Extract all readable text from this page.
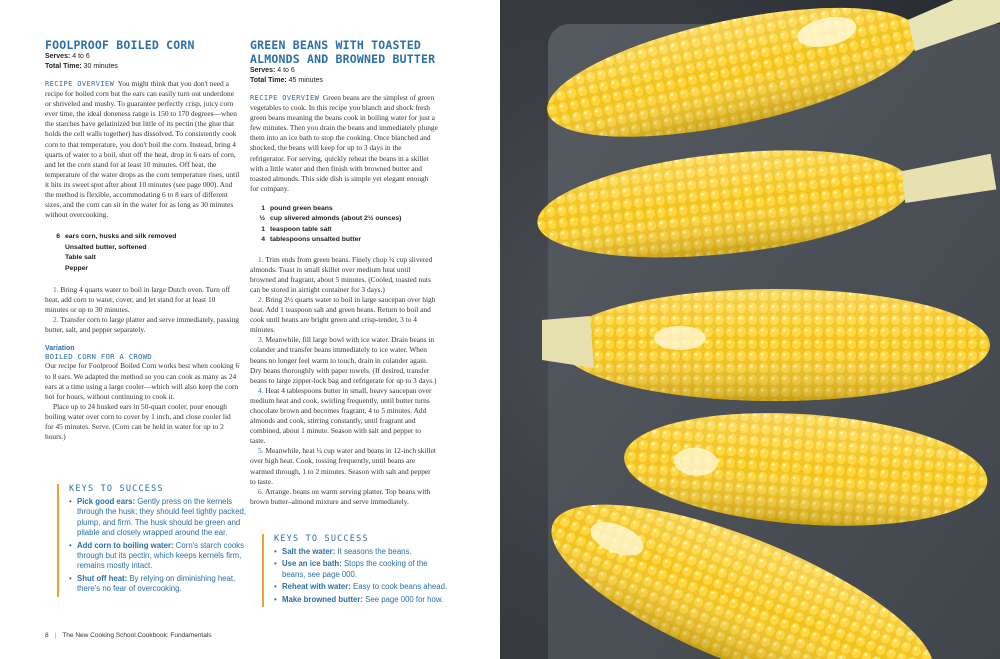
FOOLPROOF BOILED CORN
Serves: 4 to 6
Total Time: 30 minutes

RECIPE OVERVIEW You might think that you don't need a recipe for boiled corn but the ears can easily turn out underdone or shriveled and mushy. To guarantee perfectly crisp, juicy corn ever time, the ideal doneness range is 150 to 170 degrees—when the starches have gelatinized but little of its pectin (the glue that holds the cell walls together) has dissolved. To consistently cook corn to that temperature, you don't boil the corn. Instead, bring 4 quarts of water to a boil, shut off the heat, drop in 6 ears of corn, and let the corn stand for at least 10 minutes. Off heat, the temperature of the water drops as the corn temperature rises, until it hits its sweet spot after about 10 minutes (see page 000). And the method is flexible, accommodating 6 to 8 ears of different sizes, and the corn can sit in the water for as long as 30 minutes without overcooking.

6 ears corn, husks and silk removed
Unsalted butter, softened
Table salt
Pepper

1. Bring 4 quarts water to boil in large Dutch oven. Turn off heat, add corn to water, cover, and let stand for at least 10 minutes or up to 30 minutes.

2. Transfer corn to large platter and serve immediately, passing butter, salt, and pepper separately.

Variation
BOILED CORN FOR A CROWD

Our recipe for Foolproof Boiled Corn works best when cooking 6 to 8 ears. We adapted the method so you can cook as many as 24 ears at a time using a large cooler—which will also keep the corn hot for hours, without continuing to cook it.

Place up to 24 husked ears in 50-quart cooler, pour enough boiling water over corn to cover by 1 inch, and close cooler lid for 45 minutes. Serve. (Corn can be held in water for up to 2 hours.)

KEYS TO SUCCESS
• Pick good ears: Gently press on the kernels through the husk; they should feel tightly packed, plump, and firm. The husk should be green and pliable and closely wrapped around the ear.
• Add corn to boiling water: Corn's starch cooks through but its pectin, which keeps kernels firm, remains mostly intact.
• Shut off heat: By relying on diminishing heat, there's no fear of overcooking.
GREEN BEANS WITH TOASTED ALMONDS AND BROWNED BUTTER
Serves: 4 to 6
Total Time: 45 minutes

RECIPE OVERVIEW Green beans are the simplest of green vegetables to cook. In this recipe you blanch and shock fresh green beans meaning the beans cook in boiling water for just a few minutes. Then you drain the beans and immediately plunge them into an ice bath to stop the cooking. Once blanched and shocked, the beans will keep for up to 3 days in the refrigerator. For serving, quickly reheat the beans in a skillet with a little water and then finish with browned butter and toasted almonds. This side dish is simple yet elegant enough for company.

1 pound green beans
½ cup slivered almonds (about 2½ ounces)
1 teaspoon table salt
4 tablespoons unsalted butter

1. Trim ends from green beans. Finely chop ¼ cup slivered almonds. Toast in small skillet over medium heat until browned and fragrant, about 5 minutes. (Cooled, toasted nuts can be stored in airtight container for 3 days.)

2. Bring 2½ quarts water to boil in large saucepan over high heat. Add 1 teaspoon salt and green beans. Return to boil and cook until beans are bright green and crisp-tender, 3 to 4 minutes.

3. Meanwhile, fill large bowl with ice water. Drain beans in colander and transfer beans immediately to ice water. When beans no longer feel warm to touch, drain in colander again. Dry beans thoroughly with paper towels. (If desired, transfer beans to large zipper-lock bag and refrigerate for up to 3 days.)

4. Heat 4 tablespoons butter in small, heavy saucepan over medium heat and cook, swirling frequently, until butter turns chocolate brown and becomes fragrant, 4 to 5 minutes. Add almonds and cook, stirring constantly, until fragrant and combined, about 1 minute. Season with salt and pepper to taste.

5. Meanwhile, heat ¼ cup water and beans in 12-inch skillet over high heat. Cook, tossing frequently, until beans are warmed through, 1 to 2 minutes. Season with salt and pepper to taste.

6. Arrange. beans on warm serving platter. Top beans with brown butter–almond mixture and serve immediately.

KEYS TO SUCCESS
• Salt the water: It seasons the beans.
• Use an ice bath: Stops the cooking of the beans, see page 000.
• Reheat with water: Easy to cook beans ahead.
• Make browned butter: See page 000 for how.
8 | The New Cooking School Cookbook: Fundamentals
